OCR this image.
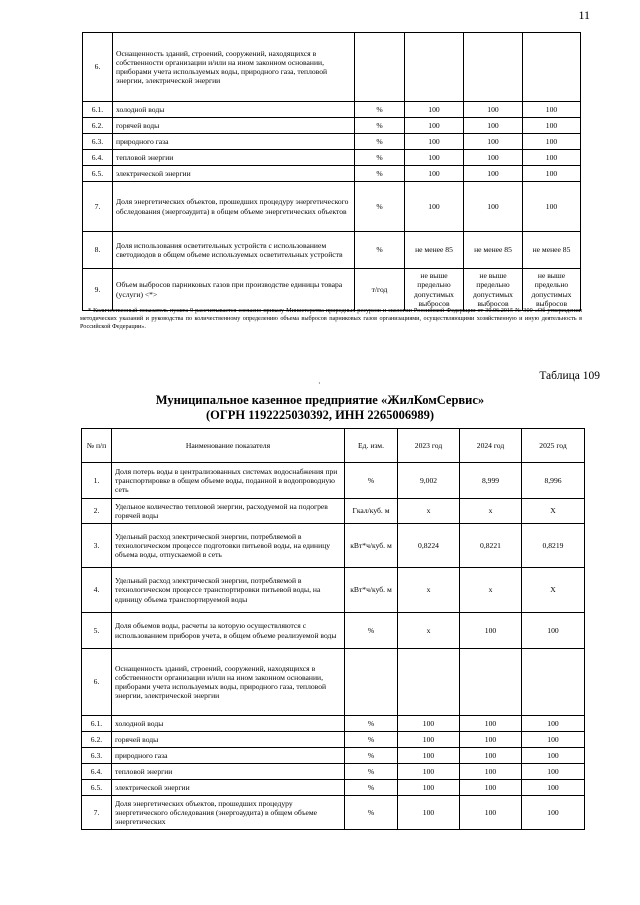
11
6.	Оснащенность зданий, строений, сооружений, находящихся в собственности организации и/или на ином законном основании, приборами учета используемых воды, природного газа, тепловой энергии, электрической энергии				
6.1.	холодной воды	%	100	100	100
6.2.	горячей воды	%	100	100	100
6.3.	природного газа	%	100	100	100
6.4.	тепловой энергии	%	100	100	100
6.5.	электрической энергии	%	100	100	100
7.	Доля энергетических объектов, прошедших процедуру энергетического обследования (энергоаудита) в общем объеме энергетических объектов	%	100	100	100
8.	Доля использования осветительных устройств с использованием светодиодов в общем объеме используемых осветительных устройств	%	не менее 85	не менее 85	не менее 85
9.	Объем выбросов парниковых газов при производстве единицы товара (услуги) <*>	т/год	не выше предельно допустимых выбросов	не выше предельно допустимых выбросов	не выше предельно допустимых выбросов
* Количественный показатель пункта 9 рассчитывается согласно приказу Министерства природных ресурсов и экологии Российской Федерации от 30.06.2015 № 300 «Об утверждении методических указаний и руководства по количественному определению объема выбросов парниковых газов организациями, осуществляющими хозяйственную и иную деятельность в Российской Федерации».
·
Таблица 109
Муниципальное казенное предприятие «ЖилКомСервис»
(ОГРН 1192225030392, ИНН 2265006989)
№ п/п	Наименование показателя	Ед. изм.	2023 год	2024 год	2025 год
1.	Доля потерь воды в централизованных системах водоснабжения при транспортировке в общем объеме воды, поданной в водопроводную сеть	%	9,002	8,999	8,996
2.	Удельное количество тепловой энергии, расходуемой на подогрев горячей воды	Гкал/куб. м	х	х	Х
3.	Удельный расход электрической энергии, потребляемой в технологическом процессе подготовки питьевой воды, на единицу объема воды, отпускаемой в сеть	кВт*ч/куб. м	0,8224	0,8221	0,8219
4.	Удельный расход электрической энергии, потребляемой в технологическом процессе транспортировки питьевой воды, на единицу объема транспортируемой воды	кВт*ч/куб. м	х	х	Х
5.	Доля объемов воды, расчеты за которую осуществляются с использованием приборов учета, в общем объеме реализуемой воды	%	х	100	100
6.	Оснащенность зданий, строений, сооружений, находящихся в собственности организации и/или на ином законном основании, приборами учета используемых воды, природного газа, тепловой энергии, электрической энергии				
6.1.	холодной воды	%	100	100	100
6.2.	горячей воды	%	100	100	100
6.3.	природного газа	%	100	100	100
6.4.	тепловой энергии	%	100	100	100
6.5.	электрической энергии	%	100	100	100
7.	Доля энергетических объектов, прошедших процедуру энергетического обследования (энергоаудита) в общем объеме энергетических	%	100	100	100
